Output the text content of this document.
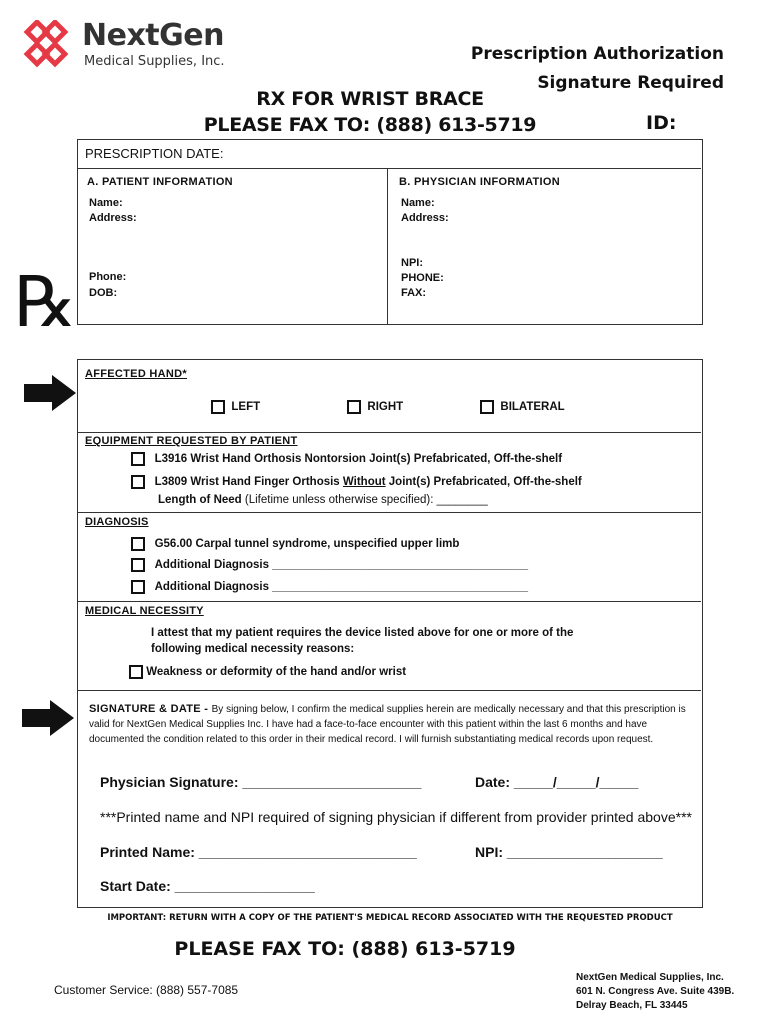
NextGen
Medical Supplies, Inc.	Prescription Authorization
Signature Required
ID:
RX FOR WRIST BRACE
PLEASE FAX TO: (888) 613-5719
℞
PRESCRIPTION DATE:
A. PATIENT INFORMATION
Name:
Address:
Phone:
DOB:
B. PHYSICIAN INFORMATION
Name:
Address:
NPI:
PHONE:
FAX:
AFFECTED HAND*
LEFT	RIGHT	BILATERAL
EQUIPMENT REQUESTED BY PATIENT
L3916 Wrist Hand Orthosis Nontorsion Joint(s) Prefabricated, Off-the-shelf
L3809 Wrist Hand Finger Orthosis Without Joint(s) Prefabricated, Off-the-shelf
Length of Need (Lifetime unless otherwise specified): ________
DIAGNOSIS
G56.00 Carpal tunnel syndrome, unspecified upper limb
Additional Diagnosis ________________________________________
Additional Diagnosis ________________________________________
MEDICAL NECESSITY
I attest that my patient requires the device listed above for one or more of the
following medical necessity reasons:
Weakness or deformity of the hand and/or wrist
SIGNATURE & DATE - By signing below, I confirm the medical supplies herein are medically necessary and that this prescription is valid for NextGen Medical Supplies Inc. I have had a face-to-face encounter with this patient within the last 6 months and have documented the condition related to this order in their medical record. I will furnish substantiating medical records upon request.
Physician Signature: _______________________	Date: _____/_____/_____
***Printed name and NPI required of signing physician if different from provider printed above***
Printed Name: ____________________________	NPI: ____________________
Start Date: __________________
IMPORTANT: RETURN WITH A COPY OF THE PATIENT'S MEDICAL RECORD ASSOCIATED WITH THE REQUESTED PRODUCT
PLEASE FAX TO: (888) 613-5719
Customer Service: (888) 557-7085
NextGen Medical Supplies, Inc.
601 N. Congress Ave. Suite 439B.
Delray Beach, FL 33445
